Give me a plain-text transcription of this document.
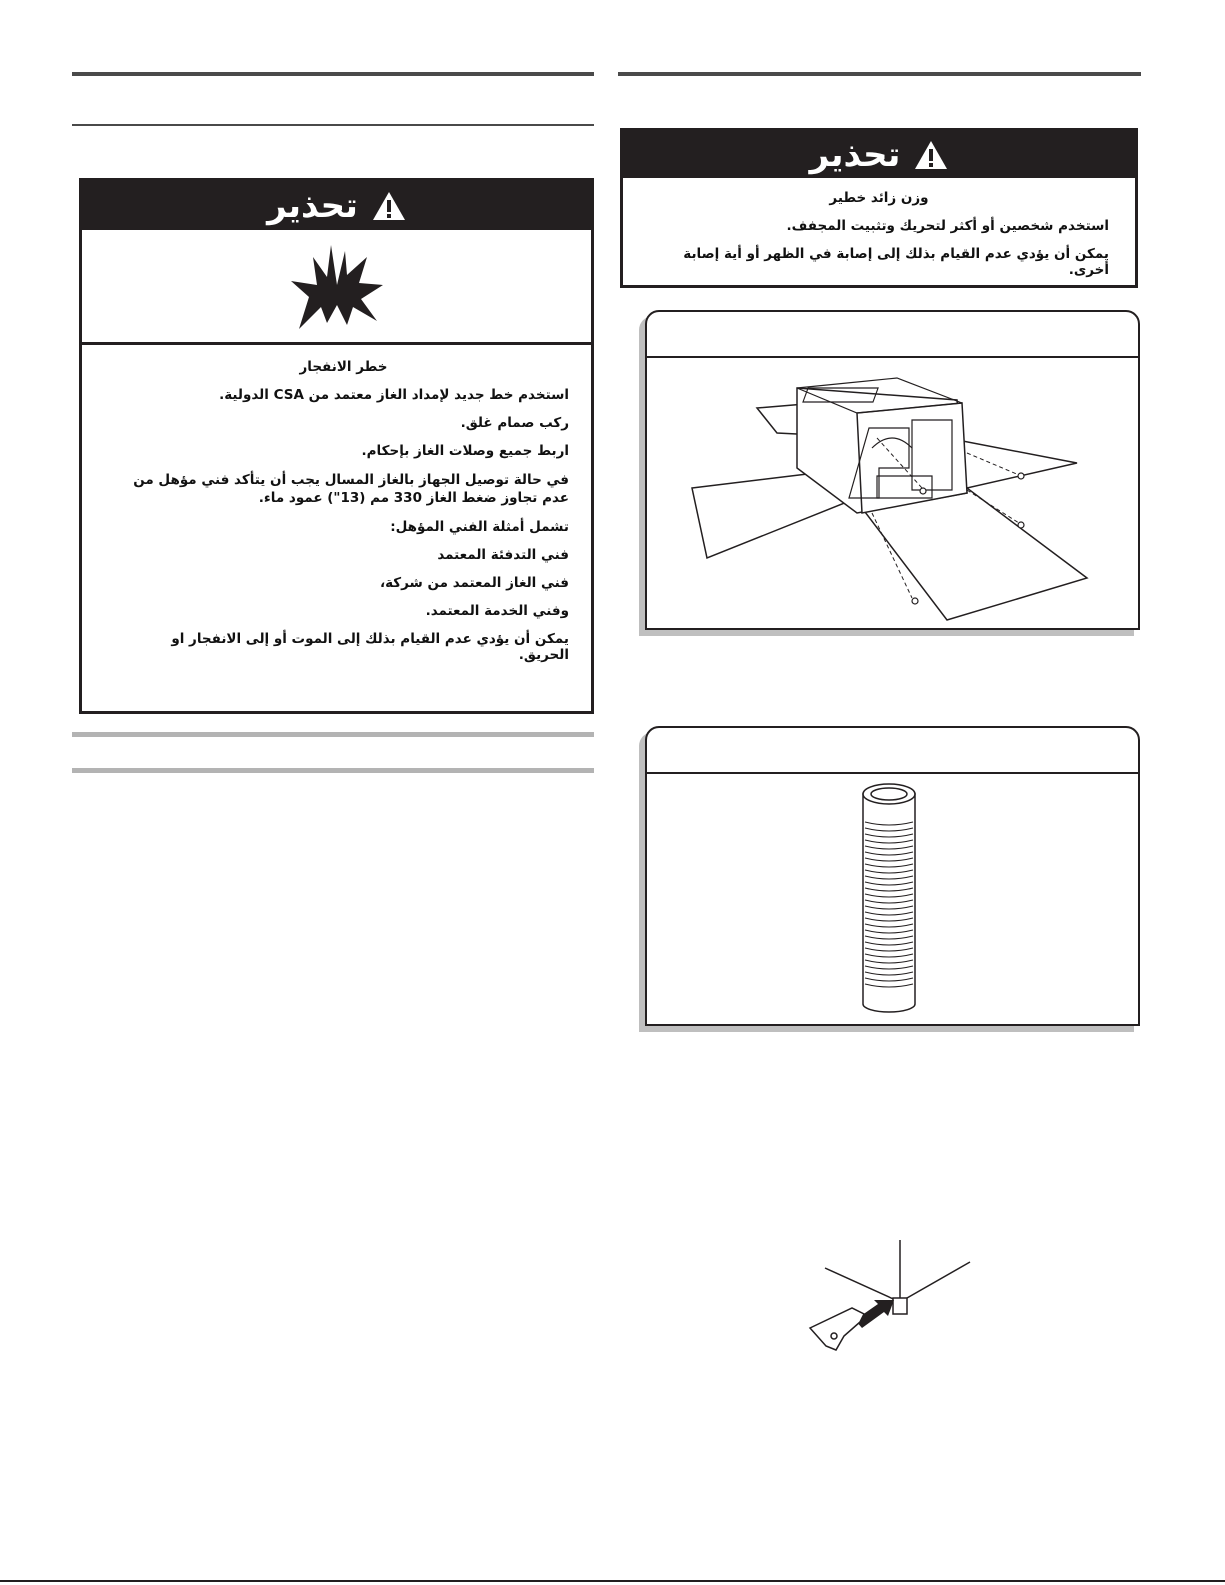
تحذير

خطر الانفجار

استخدم خط جديد لإمداد الغاز معتمد من CSA الدولية.

ركب صمام غلق.

اربط جميع وصلات الغاز بإحكام.

في حالة توصيل الجهاز بالغاز المسال يجب أن يتأكد فني مؤهل من عدم تجاوز ضغط الغاز 330 مم (13") عمود ماء.

تشمل أمثلة الفني المؤهل:

فني التدفئة المعتمد

فني الغاز المعتمد من شركة،

وفني الخدمة المعتمد.

يمكن أن يؤدي عدم القيام بذلك إلى الموت أو إلى الانفجار او الحريق.

تحذير

وزن زائد خطير

استخدم شخصين أو أكثر لتحريك وتثبيت المجفف.

يمكن أن يؤدي عدم القيام بذلك إلى إصابة في الظهر أو أية إصابة أخرى.
